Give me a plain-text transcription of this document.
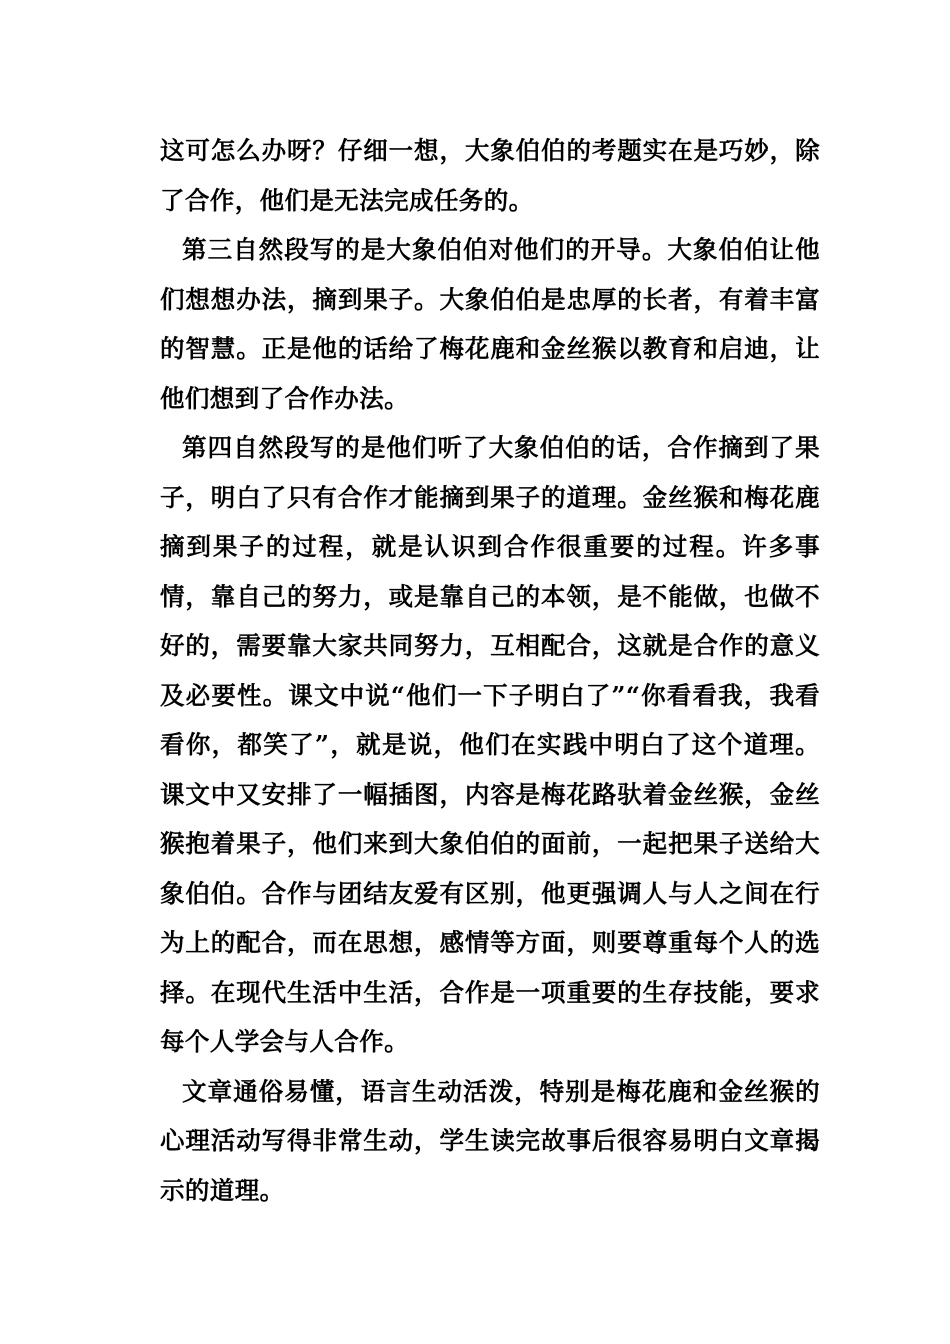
这可怎么办呀？仔细一想，大象伯伯的考题实在是巧妙，除了合作，他们是无法完成任务的。

第三自然段写的是大象伯伯对他们的开导。大象伯伯让他们想想办法，摘到果子。大象伯伯是忠厚的长者，有着丰富的智慧。正是他的话给了梅花鹿和金丝猴以教育和启迪，让他们想到了合作办法。

第四自然段写的是他们听了大象伯伯的话，合作摘到了果子，明白了只有合作才能摘到果子的道理。金丝猴和梅花鹿摘到果子的过程，就是认识到合作很重要的过程。许多事情，靠自己的努力，或是靠自己的本领，是不能做，也做不好的，需要靠大家共同努力，互相配合，这就是合作的意义及必要性。课文中说“他们一下子明白了”“你看看我，我看看你，都笑了”，就是说，他们在实践中明白了这个道理。课文中又安排了一幅插图，内容是梅花路驮着金丝猴，金丝猴抱着果子，他们来到大象伯伯的面前，一起把果子送给大象伯伯。合作与团结友爱有区别，他更强调人与人之间在行为上的配合，而在思想，感情等方面，则要尊重每个人的选择。在现代生活中生活，合作是一项重要的生存技能，要求每个人学会与人合作。

文章通俗易懂，语言生动活泼，特别是梅花鹿和金丝猴的心理活动写得非常生动，学生读完故事后很容易明白文章揭示的道理。
